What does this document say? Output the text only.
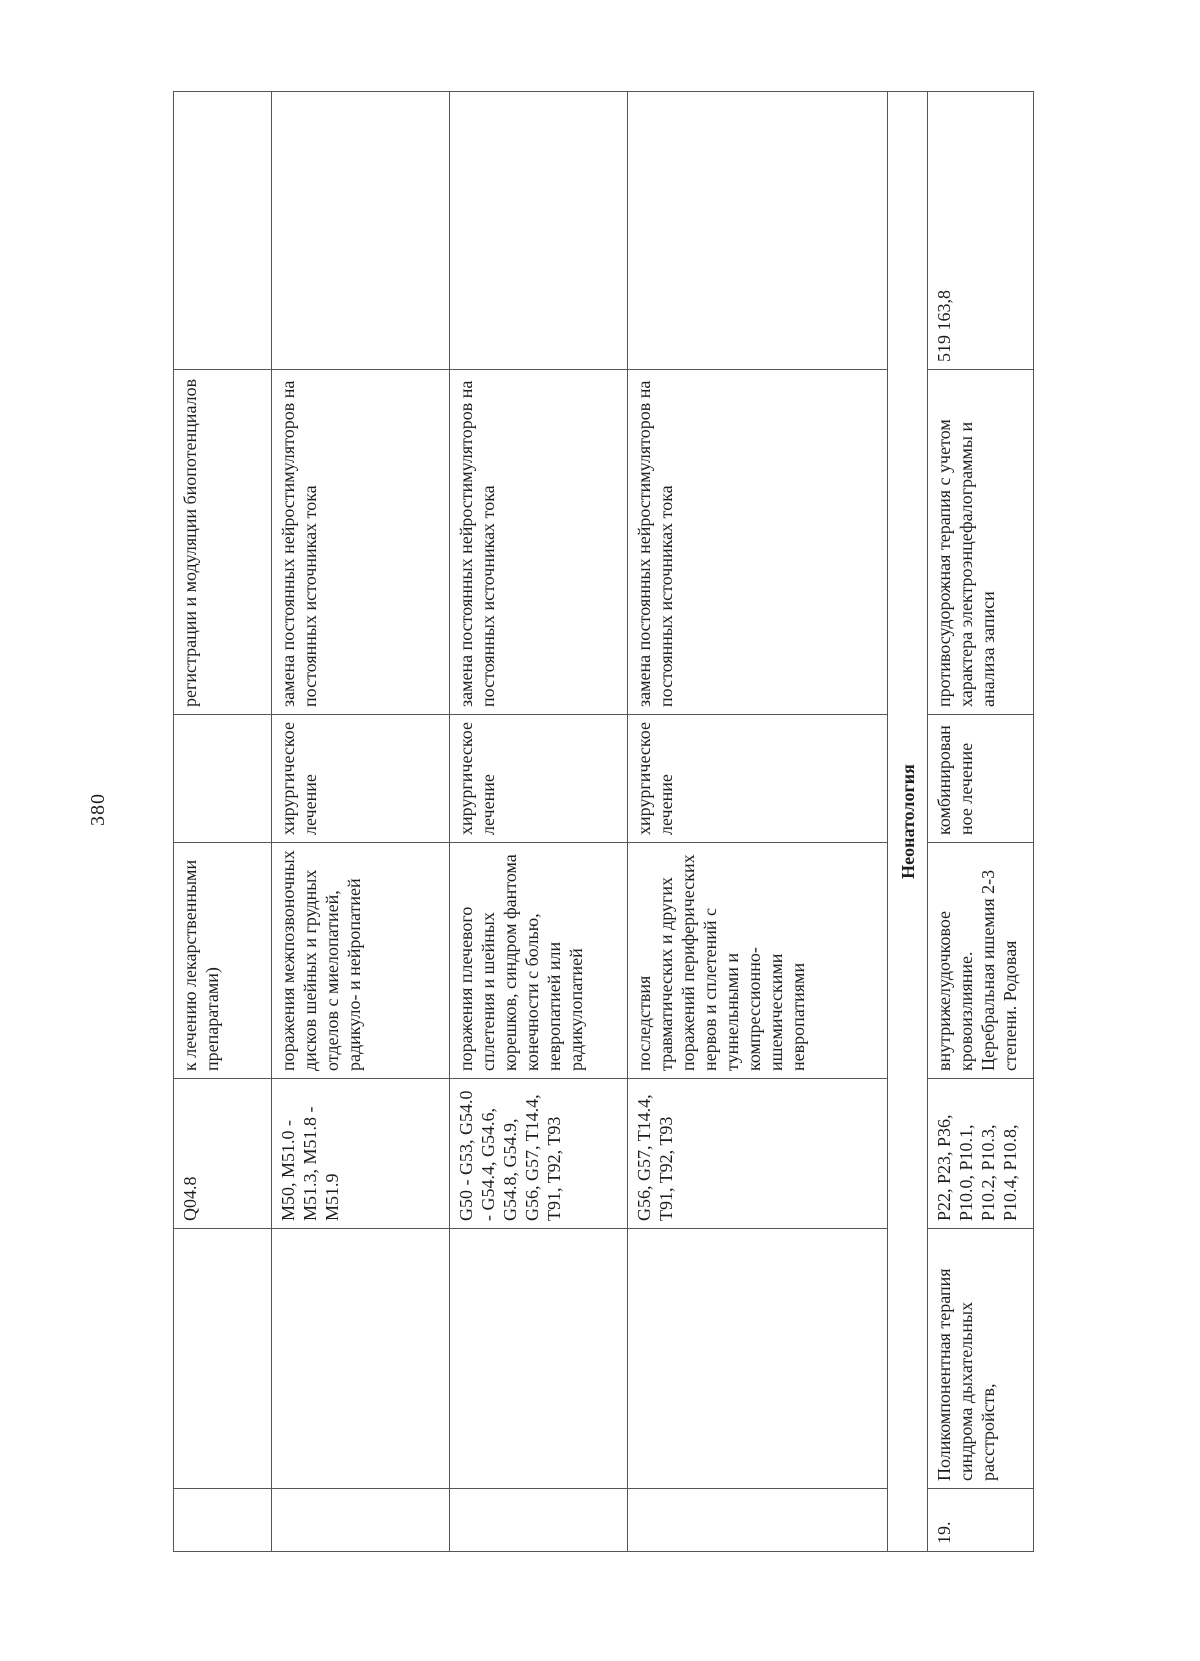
380
		Q04.8	к лечению лекарственными препаратами)		регистрации и модуляции биопотенциалов	
		M50, M51.0 - M51.3, M51.8 - M51.9	поражения межпозвоночных дисков шейных и грудных отделов с миелопатией, радикуло- и нейропатией	хирургическое лечение	замена постоянных нейростимуляторов на постоянных источниках тока	
		G50 - G53, G54.0 - G54.4, G54.6, G54.8, G54.9, G56, G57, T14.4, T91, T92, T93	поражения плечевого сплетения и шейных корешков, синдром фантома конечности с болью, невропатией или радикулопатией	хирургическое лечение	замена постоянных нейростимуляторов на постоянных источниках тока	
		G56, G57, T14.4, T91, T92, T93	последствия травматических и других поражений периферических нервов и сплетений с туннельными и компрессионно-ишемическими невропатиями	хирургическое лечение	замена постоянных нейростимуляторов на постоянных источниках тока	
Неонатология						
19.	Поликомпонентная терапия синдрома дыхательных расстройств,	P22, P23, P36, P10.0, P10.1, P10.2, P10.3, P10.4, P10.8,	внутрижелудочковое кровоизлияние. Церебральная ишемия 2-3 степени. Родовая	комбинированное лечение	противосудорожная терапия с учетом характера электроэнцефалограммы и анализа записи	519 163,8
